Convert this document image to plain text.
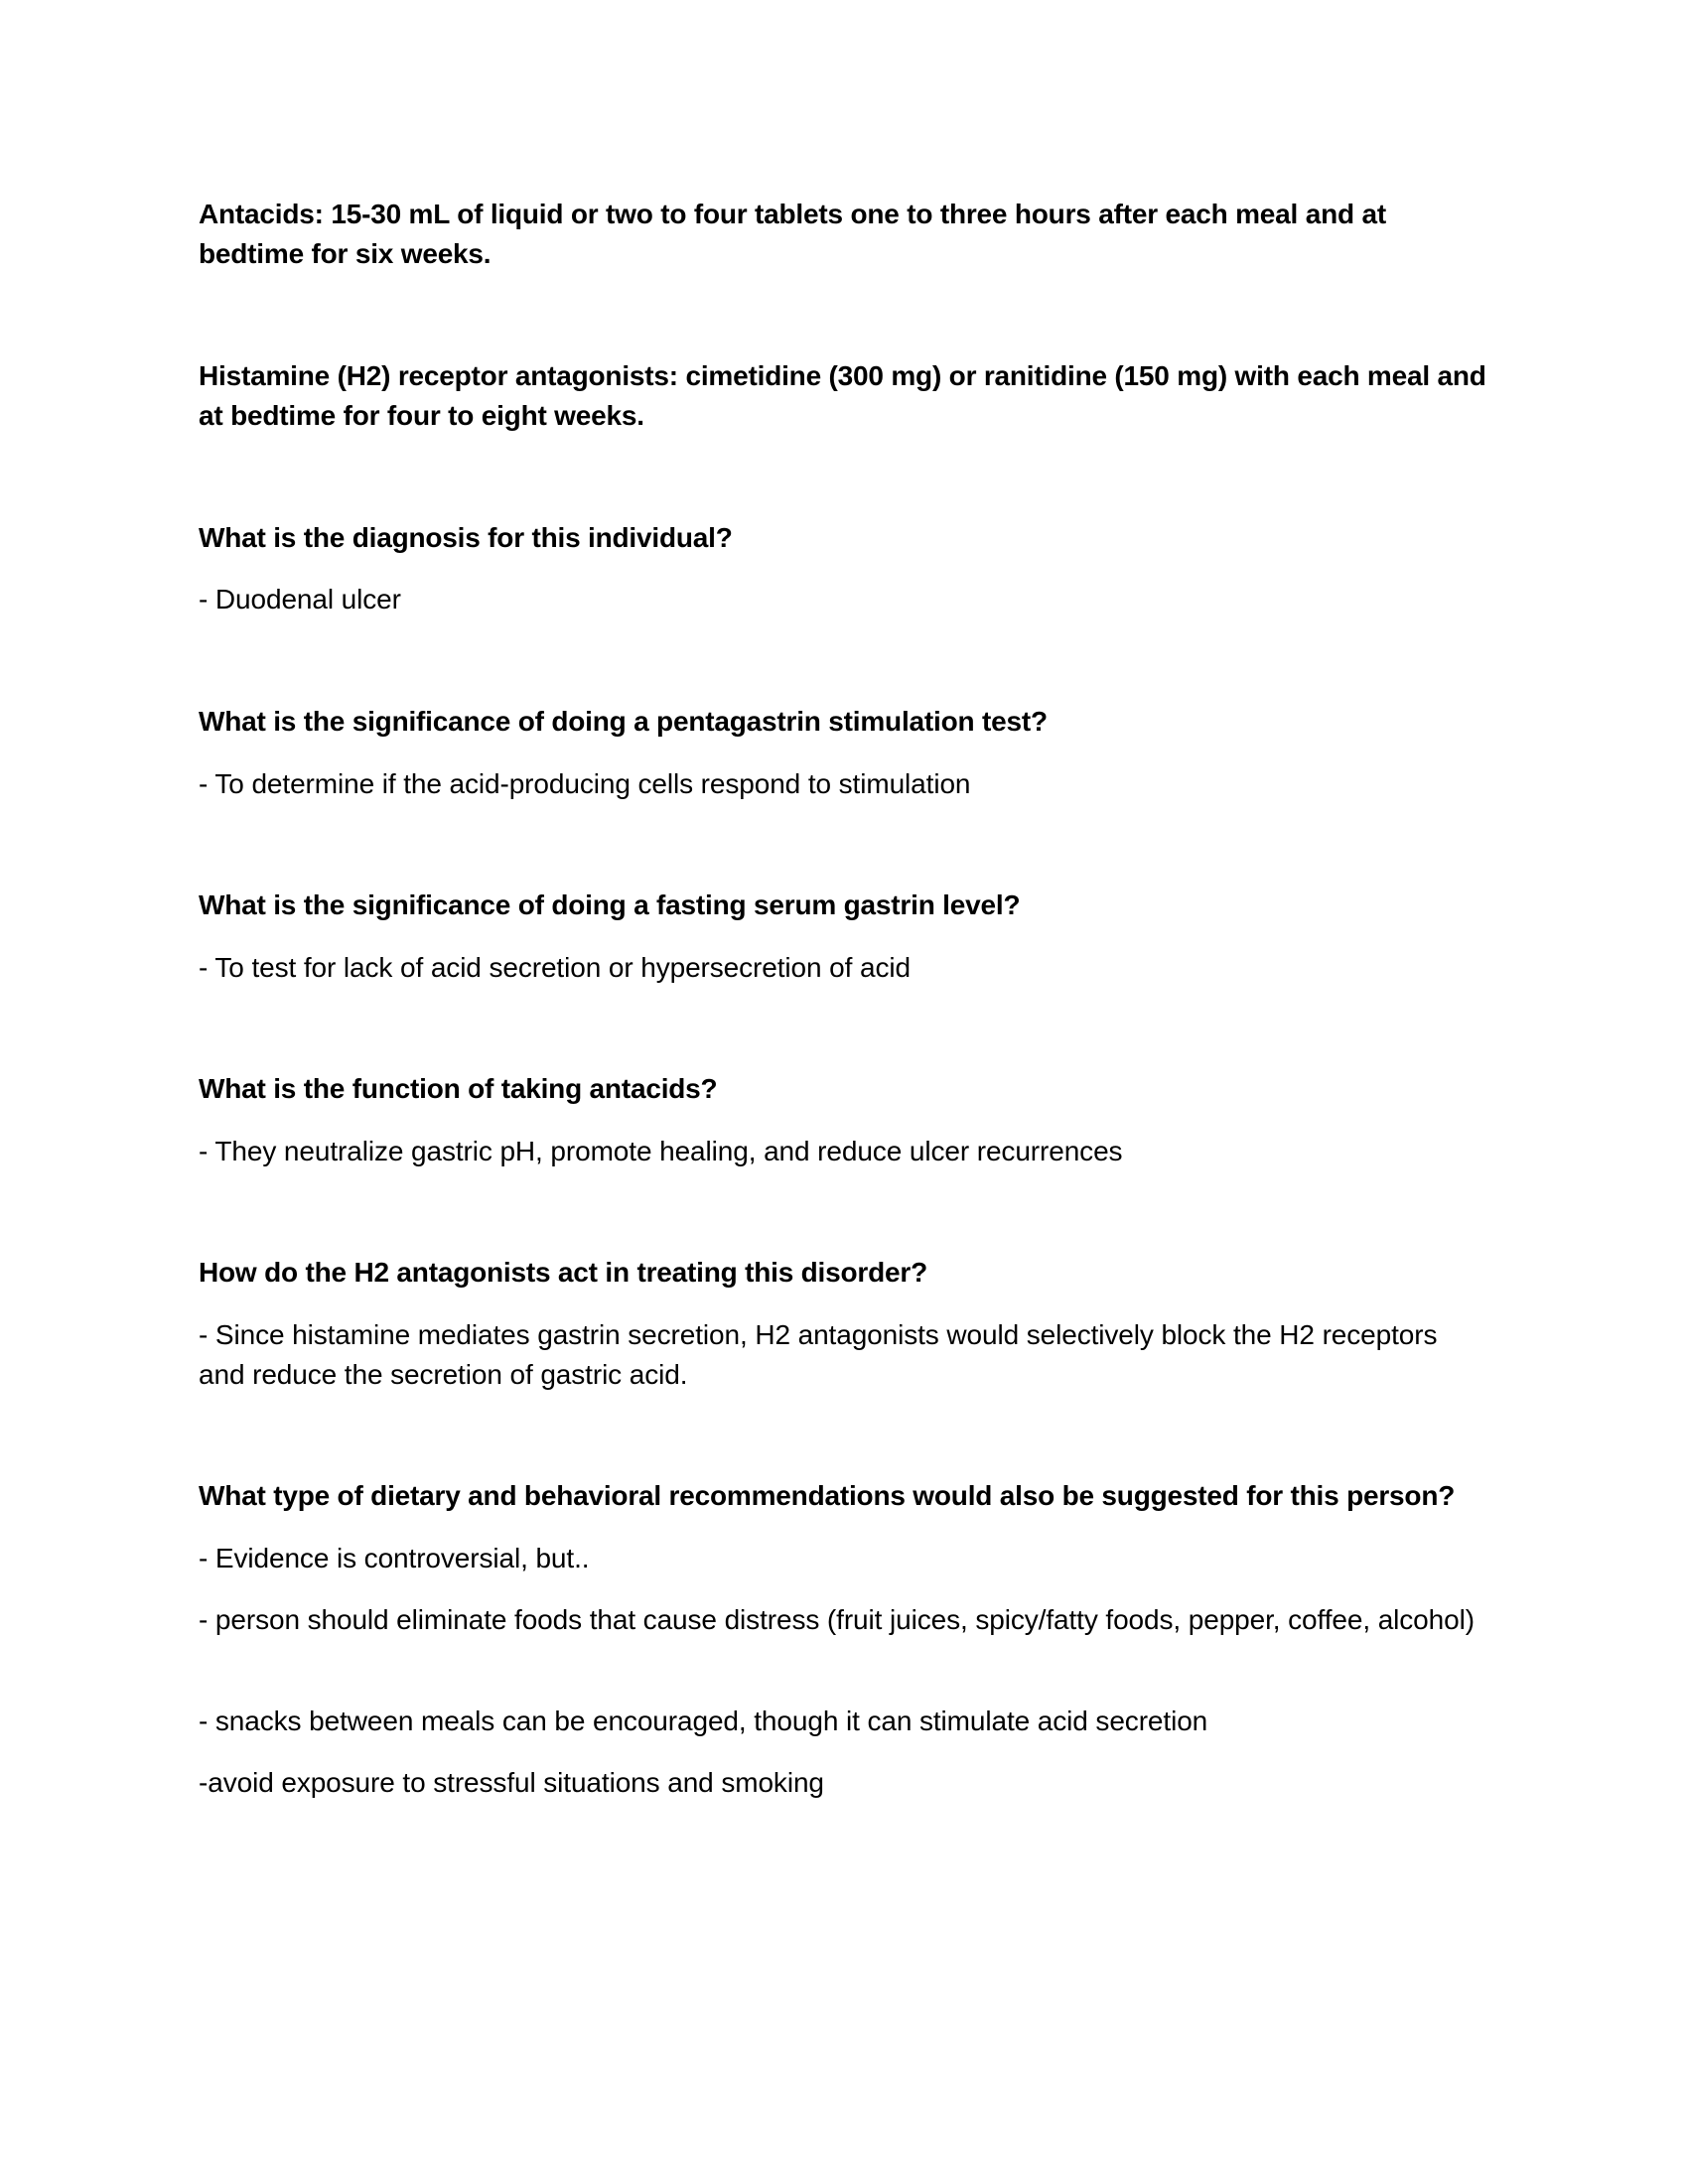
Antacids: 15-30 mL of liquid or two to four tablets one to three hours after each meal and at bedtime for six weeks.

Histamine (H2) receptor antagonists: cimetidine (300 mg) or ranitidine (150 mg) with each meal and at bedtime for four to eight weeks.

What is the diagnosis for this individual?

- Duodenal ulcer

What is the significance of doing a pentagastrin stimulation test?

- To determine if the acid-producing cells respond to stimulation

What is the significance of doing a fasting serum gastrin level?

- To test for lack of acid secretion or hypersecretion of acid

What is the function of taking antacids?

- They neutralize gastric pH, promote healing, and reduce ulcer recurrences

How do the H2 antagonists act in treating this disorder?

- Since histamine mediates gastrin secretion, H2 antagonists would selectively block the H2 receptors and reduce the secretion of gastric acid.

What type of dietary and behavioral recommendations would also be suggested for this person?

- Evidence is controversial, but..

- person should eliminate foods that cause distress (fruit juices, spicy/fatty foods, pepper, coffee, alcohol)

- snacks between meals can be encouraged, though it can stimulate acid secretion

-avoid exposure to stressful situations and smoking
